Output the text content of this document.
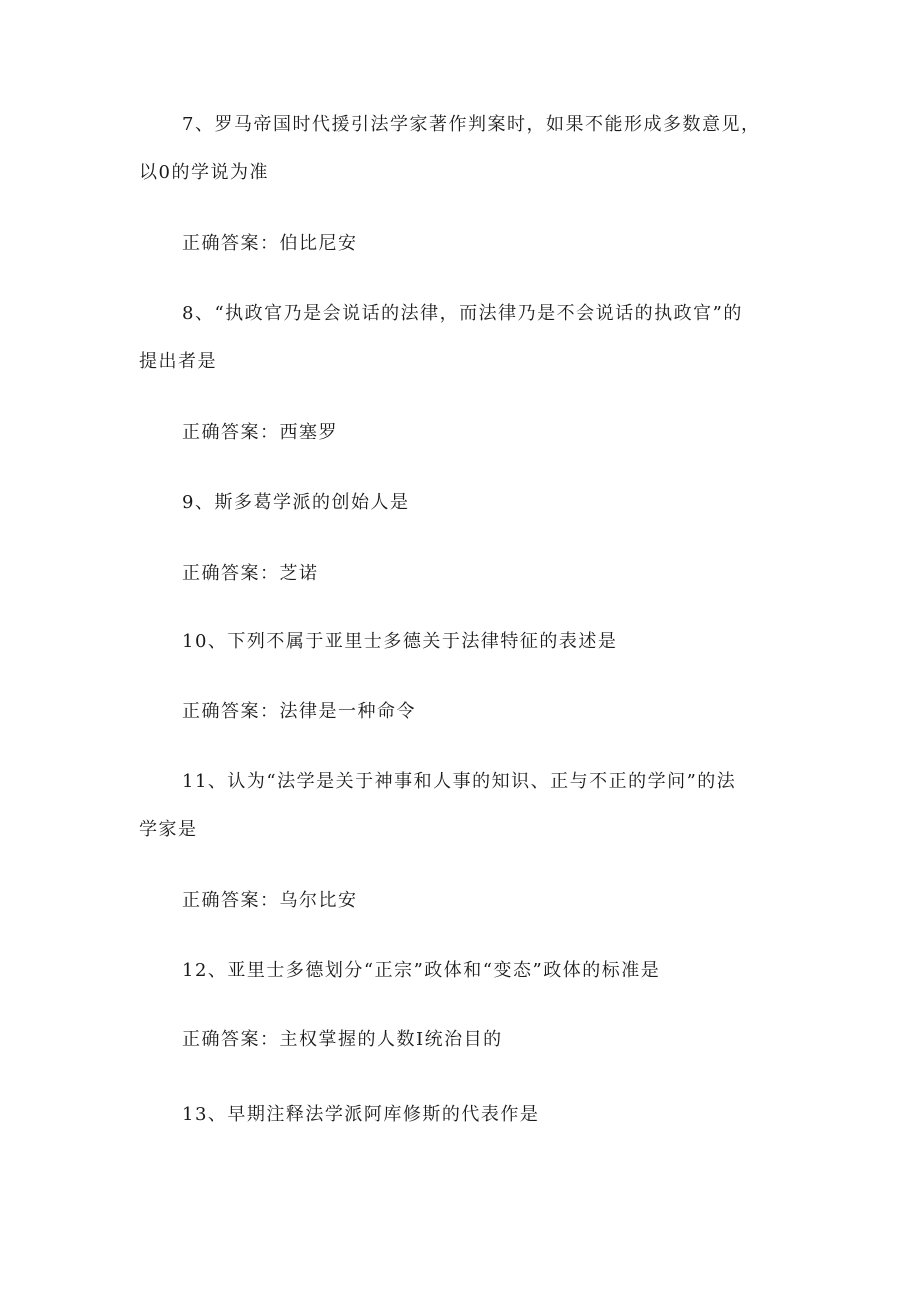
7、罗马帝国时代援引法学家著作判案时，如果不能形成多数意见，
以0的学说为准
正确答案：伯比尼安
8、“执政官乃是会说话的法律，而法律乃是不会说话的执政官”的
提出者是
正确答案：西塞罗
9、斯多葛学派的创始人是
正确答案：芝诺
10、下列不属于亚里士多德关于法律特征的表述是
正确答案：法律是一种命令
11、认为“法学是关于神事和人事的知识、正与不正的学问”的法
学家是
正确答案：乌尔比安
12、亚里士多德划分“正宗”政体和“变态”政体的标准是
正确答案：主权掌握的人数I统治目的
13、早期注释法学派阿库修斯的代表作是
